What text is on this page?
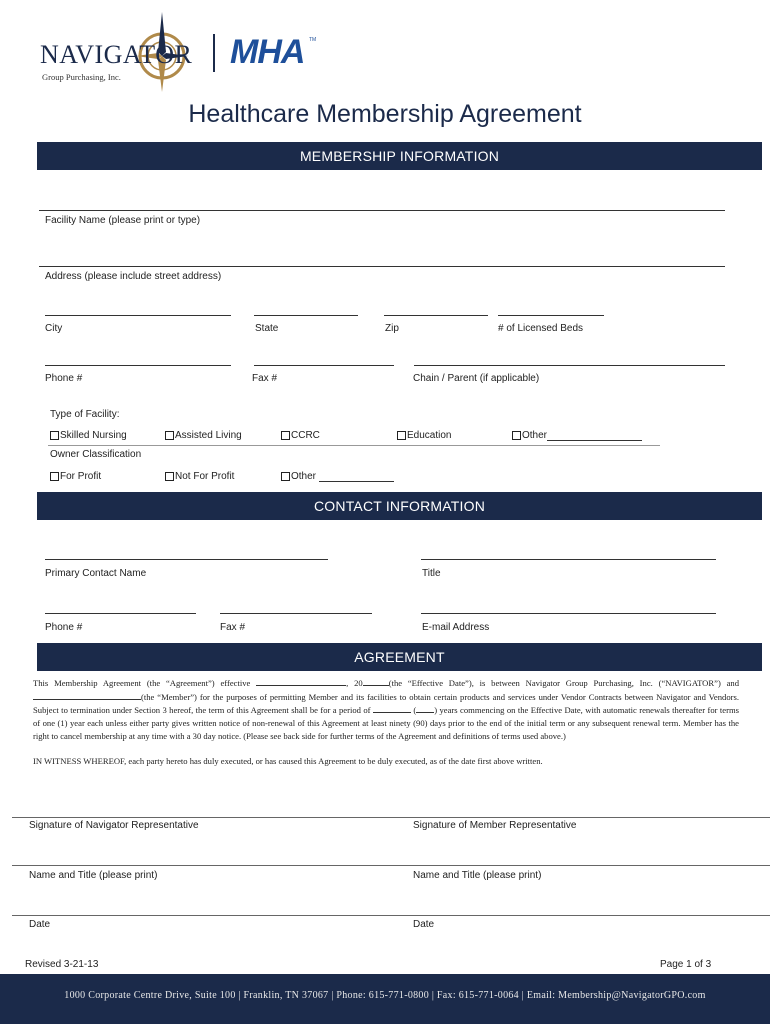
NAVIGATOR
Group Purchasing, Inc.
MHA TM
Healthcare Membership Agreement
MEMBERSHIP INFORMATION
Facility Name (please print or type)
Address (please include street address)
City	State	Zip	# of Licensed Beds
Phone #	Fax #	Chain / Parent (if applicable)
Type of Facility:
Skilled Nursing	Assisted Living	CCRC	Education	Other
Owner Classification
For Profit	Not For Profit	Other
CONTACT INFORMATION
Primary Contact Name	Title
Phone #	Fax #	E-mail Address
AGREEMENT
This Membership Agreement (the “Agreement”) effective	, 20	(the “Effective Date”), is between Navigator Group Purchasing, Inc. (“NAVIGATOR”) and (the “Member”) for the purposes of permitting Member and its facilities to obtain certain products and services under Vendor Contracts between Navigator and Vendors. Subject to termination under Section 3 hereof, the term of this Agreement shall be for a period of	( ) years commencing on the Effective Date, with automatic renewals thereafter for terms of one (1) year each unless either party gives written notice of non-renewal of this Agreement at least ninety (90) days prior to the end of the initial term or any subsequent renewal term. Member has the right to cancel membership at any time with a 30 day notice. (Please see back side for further terms of the Agreement and definitions of terms used above.)
IN WITNESS WHEREOF, each party hereto has duly executed, or has caused this Agreement to be duly executed, as of the date first above written.
Signature of Navigator Representative	Signature of Member Representative
Name and Title (please print)	Name and Title (please print)
Date	Date
Revised 3-21-13	Page 1 of 3
1000 Corporate Centre Drive, Suite 100 | Franklin, TN 37067 | Phone: 615-771-0800 | Fax: 615-771-0064 | Email: Membership@NavigatorGPO.com
